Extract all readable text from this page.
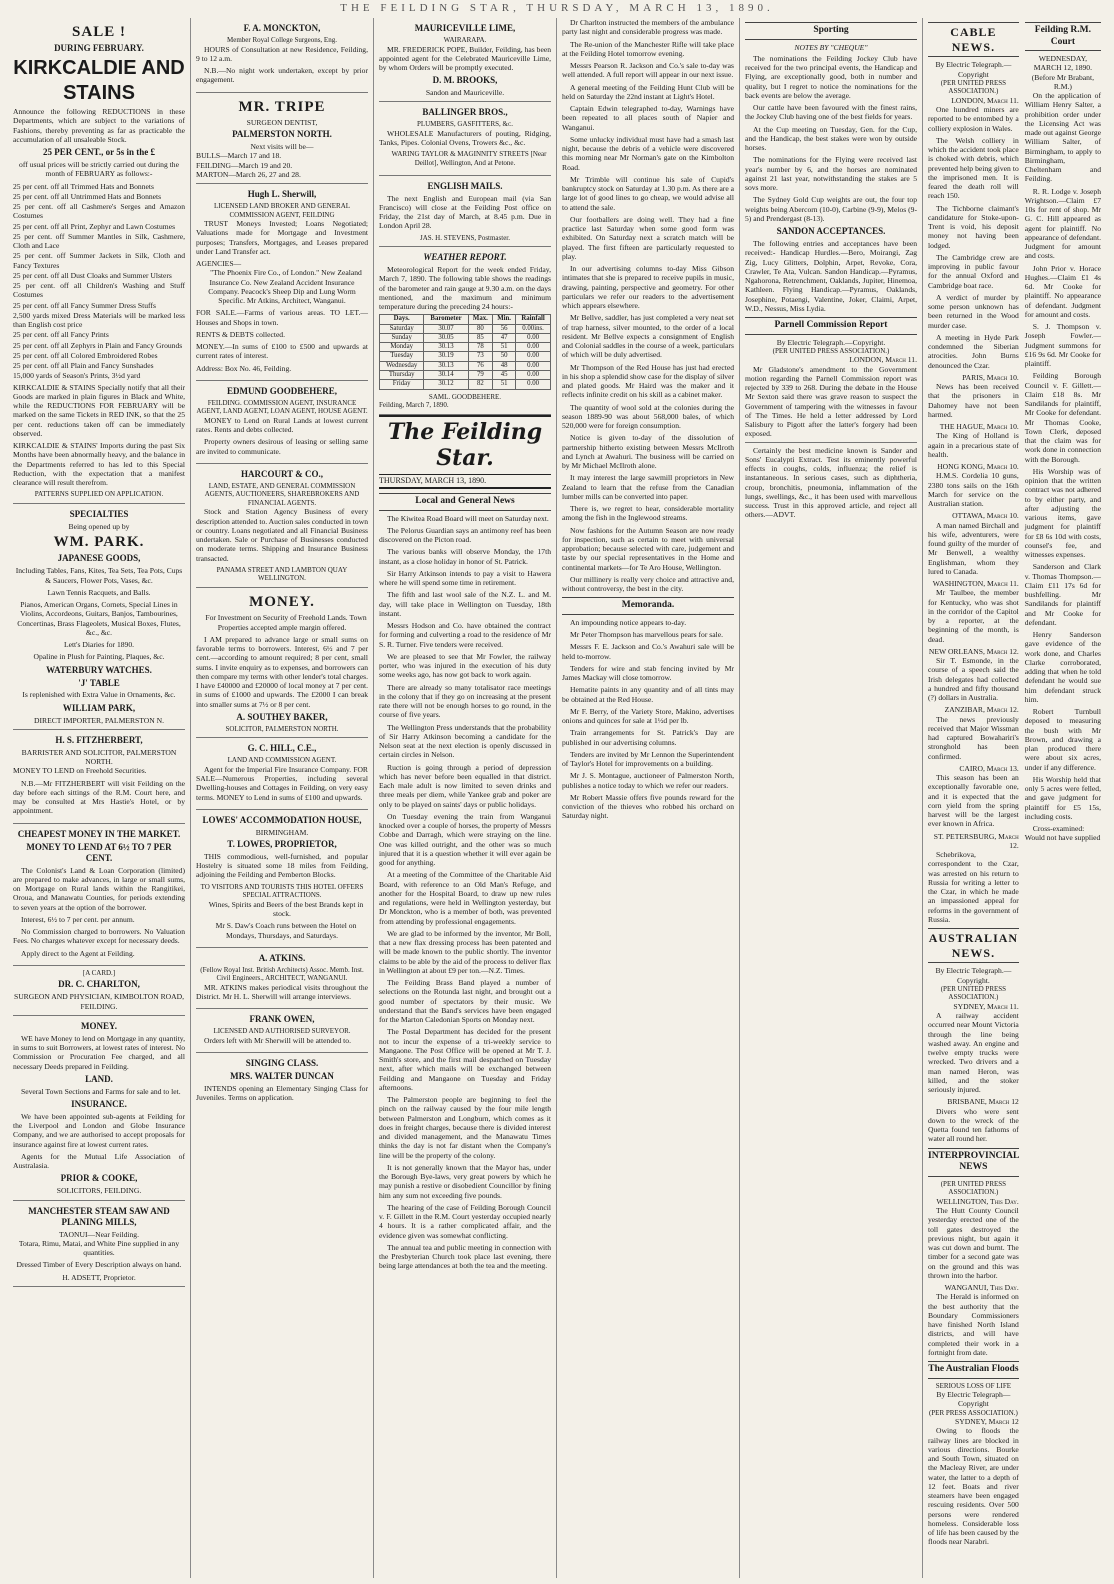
THE FEILDING STAR, THURSDAY, MARCH 13, 1890.
SALE !
DURING FEBRUARY.
KIRKCALDIE AND STAINS

Announce the following REDUCTIONS in these Departments, which are subject to the variations of Fashions, thereby preventing as far as practicable the accumulation of all unsaleable Stock.

25 PER CENT., or 5s in the £

off usual prices will be strictly carried out during the month of FEBRUARY as follows:-

25 per cent. off all Trimmed Hats and Bonnets
25 per cent. off all Untrimmed Hats and Bonnets
25 per cent. off all Cashmere's Serges and Amazon Costumes
25 per cent. off all Print, Zephyr and Lawn Costumes
25 per cent. off Summer Mantles in Silk, Cashmere, Cloth and Lace
25 per cent. off Summer Jackets in Silk, Cloth and Fancy Textures
25 per cent. off all Dust Cloaks and Summer Ulsters
25 per cent. off all Children's Washing and Stuff Costumes
25 per cent. off all Fancy Summer Dress Stuffs
2,500 yards mixed Dress Materials will be marked less than English cost price
25 per cent. off all Fancy Prints
25 per cent. off all Zephyrs in Plain and Fancy Grounds
25 per cent. off all Colored Embroidered Robes
25 per cent. off all Plain and Fancy Sunshades
15,000 yards of Season's Prints, 3½d yard

KIRKCALDIE & STAINS Specially notify that all their Goods are marked in plain figures in Black and White, while the REDUCTIONS FOR FEBRUARY will be marked on the same Tickets in RED INK, so that the 25 per cent. reductions taken off can be immediately observed.

KIRKCALDIE & STAINS' Imports during the past Six Months have been abnormally heavy, and the balance in the Departments referred to has led to this Special Reduction, with the expectation that a manifest clearance will result therefrom.

PATTERNS SUPPLIED ON APPLICATION.
SPECIALTIES
Being opened up by
WM. PARK.
JAPANESE GOODS,

Including Tables, Fans, Kites, Tea Sets, Tea Pots, Cups & Saucers, Flower Pots, Vases, &c.

Lawn Tennis Racquets, and Balls.

Pianos, American Organs, Cornets, Special Lines in Violins, Accordeons, Guitars, Banjos, Tambourines, Concertinas, Brass Flageolets, Musical Boxes, Flutes, &c., &c.

Lett's Diaries for 1890.

Opaline in Plush for Painting, Plaques, &c.

WATERBURY WATCHES.
'J' TABLE

Is replenished with Extra Value in Ornaments, &c.

WILLIAM PARK,
DIRECT IMPORTER, PALMERSTON N.
H. S. FITZHERBERT,
BARRISTER AND SOLICITOR, PALMERSTON NORTH.

MONEY TO LEND on Freehold Securities.

N.B.—Mr FITZHERBERT will visit Feilding on the day before each sittings of the R.M. Court here, and may be consulted at Mrs Hastie's Hotel, or by appointment.

CHEAPEST MONEY IN THE MARKET.
MONEY TO LEND AT 6½ TO 7 PER CENT.

The Colonist's Land & Loan Corporation (limited) are prepared to make advances, in large or small sums, on Mortgage on Rural lands within the Rangitikei, Oroua, and Manawatu Counties, for periods extending to seven years at the option of the borrower.

Interest, 6½ to 7 per cent. per annum.

No Commission charged to borrowers. No Valuation Fees. No charges whatever except for necessary deeds.

Apply direct to the Agent at Feilding.

[A CARD.]
DR. C. CHARLTON,
SURGEON AND PHYSICIAN, KIMBOLTON ROAD, FEILDING.
MONEY.

WE have Money to lend on Mortgage in any quantity, in sums to suit Borrowers, at lowest rates of interest. No Commission or Procuration Fee charged, and all necessary Deeds prepared in Feilding.

LAND.

Several Town Sections and Farms for sale and to let.

INSURANCE.

We have been appointed sub-agents at Feilding for the Liverpool and London and Globe Insurance Company, and we are authorised to accept proposals for insurance against fire at lowest current rates.

Agents for the Mutual Life Association of Australasia.

PRIOR & COOKE,
SOLICITORS, FEILDING.
MANCHESTER STEAM SAW AND PLANING MILLS,
TAONUI—Near Feilding.

Totara, Rimu, Matai, and White Pine supplied in any quantities.

Dressed Timber of Every Description always on hand.

H. ADSETT, Proprietor.
F. A. MONCKTON,
Member Royal College Surgeons, Eng.

HOURS of Consultation at new Residence, Feilding, 9 to 12 a.m.

N.B.—No night work undertaken, except by prior engagement.

MR. TRIPE
SURGEON DENTIST,
PALMERSTON NORTH.
Next visits will be—
BULLS—March 17 and 18.
FEILDING—March 19 and 20.
MARTON—March 26, 27 and 28.
Hugh L. Sherwill,
LICENSED LAND BROKER AND GENERAL COMMISSION AGENT, FEILDING

TRUST Moneys Invested; Loans Negotiated; Valuations made for Mortgage and Investment purposes; Transfers, Mortgages, and Leases prepared under Land Transfer act.

AGENCIES—

"The Phoenix Fire Co., of London." New Zealand Insurance Co. New Zealand Accident Insurance Company. Peacock's Sheep Dip and Lung Worm Specific. Mr Atkins, Architect, Wanganui.

FOR SALE.—Farms of various areas. TO LET.—Houses and Shops in town.

RENTS & DEBTS collected.

MONEY.—In sums of £100 to £500 and upwards at current rates of interest.

Address: Box No. 46, Feilding.

EDMUND GOODBEHERE,
FEILDING. COMMISSION AGENT, INSURANCE AGENT, LAND AGENT, LOAN AGENT, HOUSE AGENT.

MONEY to Lend on Rural Lands at lowest current rates. Rents and debts collected.

Property owners desirous of leasing or selling same are invited to communicate.

HARCOURT & CO.,
LAND, ESTATE, AND GENERAL COMMISSION AGENTS, AUCTIONEERS, SHAREBROKERS AND FINANCIAL AGENTS.

Stock and Station Agency Business of every description attended to. Auction sales conducted in town or country. Loans negotiated and all Financial Business undertaken. Sale or Purchase of Businesses conducted on moderate terms. Shipping and Insurance Business transacted.

PANAMA STREET AND LAMBTON QUAY WELLINGTON.
MONEY.

For Investment on Security of Freehold Lands. Town Properties accepted ample margin offered.

I AM prepared to advance large or small sums on favorable terms to borrowers. Interest, 6½ and 7 per cent.—according to amount required; 8 per cent, small sums. I invite enquiry as to expenses, and borrowers can then compare my terms with other lender's total charges. I have £40000 and £20000 of local money at 7 per cent. in sums of £1000 and upwards. The £2000 I can break into smaller sums at 7½ or 8 per cent.

A. SOUTHEY BAKER,
SOLICITOR, PALMERSTON NORTH.
G. C. HILL, C.E.,
LAND AND COMMISSION AGENT.

Agent for the Imperial Fire Insurance Company. FOR SALE—Numerous Properties, including several Dwelling-houses and Cottages in Feilding, on very easy terms. MONEY to Lend in sums of £100 and upwards.

LOWES' ACCOMMODATION HOUSE,
BIRMINGHAM.
T. LOWES, PROPRIETOR,

THIS commodious, well-furnished, and popular Hostelry is situated some 18 miles from Feilding, adjoining the Feilding and Pemberton Blocks.

TO VISITORS AND TOURISTS THIS HOTEL OFFERS SPECIAL ATTRACTIONS.

Wines, Spirits and Beers of the best Brands kept in stock.

Mr S. Daw's Coach runs between the Hotel on Mondays, Thursdays, and Saturdays.

A. ATKINS.
(Fellow Royal Inst. British Architects) Assoc. Memb. Inst. Civil Engineers., ARCHITECT, WANGANUI.

MR. ATKINS makes periodical visits throughout the District. Mr H. L. Sherwill will arrange interviews.

FRANK OWEN,
LICENSED AND AUTHORISED SURVEYOR.

Orders left with Mr Sherwill will be attended to.

SINGING CLASS.
MRS. WALTER DUNCAN

INTENDS opening an Elementary Singing Class for Juveniles. Terms on application.

MAURICEVILLE LIME,
WAIRARAPA.

MR. FREDERICK POPE, Builder, Feilding, has been appointed agent for the Celebrated Mauriceville Lime, by whom Orders will be promptly executed.

D. M. BROOKS,
Sandon and Mauriceville.
BALLINGER BROS.,
PLUMBERS, GASFITTERS, &c.

WHOLESALE Manufacturers of pouting, Ridging, Tanks, Pipes. Colonial Ovens, Trowers &c., &c.

WARING TAYLOR & MAGINNITY STREETS [Near Deillot], Wellington, And at Petone.

ENGLISH MAILS.

The next English and European mail (via San Francisco) will close at the Feilding Post office on Friday, the 21st day of March, at 8.45 p.m. Due in London April 28.

JAS. H. STEVENS, Postmaster.
WEATHER REPORT.

Meteorological Report for the week ended Friday, March 7, 1890. The following table shows the readings of the barometer and rain gauge at 9.30 a.m. on the days mentioned, and the maximum and minimum temperature during the preceding 24 hours:-

Days.	Barometer	Max.	Min.	Rainfall
Saturday	30.07	80	56	0.00ins.
Sunday	30.05	85	47	0.00
Monday	30.13	78	51	0.00
Tuesday	30.19	73	50	0.00
Wednesday	30.13	76	48	0.00
Thursday	30.14	79	45	0.00
Friday	30.12	82	51	0.00
SAML. GOODBEHERE.
Feilding, March 7, 1890.
The Feilding Star.
THURSDAY, MARCH 13, 1890.
Local and General News

The Kiwitea Road Board will meet on Saturday next.

The Pelorus Guardian says an antimony reef has been discovered on the Picton road.

The various banks will observe Monday, the 17th instant, as a close holiday in honor of St. Patrick.

Sir Harry Atkinson intends to pay a visit to Hawera where he will spend some time in retirement.

The fifth and last wool sale of the N.Z. L. and M. day, will take place in Wellington on Tuesday, 18th instant.

Messrs Hodson and Co. have obtained the contract for forming and culverting a road to the residence of Mr S. R. Turner. Five tenders were received.

We are pleased to see that Mr Fowler, the railway porter, who was injured in the execution of his duty some weeks ago, has now got back to work again.

There are already so many totalisator race meetings in the colony that if they go on increasing at the present rate there will not be enough horses to go round, in the course of five years.

The Wellington Press understands that the probability of Sir Harry Atkinson becoming a candidate for the Nelson seat at the next election is openly discussed in certain circles in Nelson.

Ruction is going through a period of depression which has never before been equalled in that district. Each male adult is now limited to seven drinks and three meals per diem, while Yankee grab and poker are only to be played on saints' days or public holidays.

On Tuesday evening the train from Wanganui knocked over a couple of horses, the property of Messrs Cobbe and Darragh, which were straying on the line. One was killed outright, and the other was so much injured that it is a question whether it will ever again be good for anything.

At a meeting of the Committee of the Charitable Aid Board, with reference to an Old Man's Refuge, and another for the Hospital Board, to draw up new rules and regulations, were held in Wellington yesterday, but Dr Monckton, who is a member of both, was prevented from attending by professional engagements.

We are glad to be informed by the inventor, Mr Boll, that a new flax dressing process has been patented and will be made known to the public shortly. The inventor claims to be able by the aid of the process to deliver flax in Wellington at about £9 per ton.—N.Z. Times.

The Feilding Brass Band played a number of selections on the Rotunda last night, and brought out a good number of spectators by their music. We understand that the Band's services have been engaged for the Marton Caledonian Sports on Monday next.

The Postal Department has decided for the present not to incur the expense of a tri-weekly service to Mangaone. The Post Office will be opened at Mr T. J. Smith's store, and the first mail despatched on Tuesday next, after which mails will be exchanged between Feilding and Mangaone on Tuesday and Friday afternoons.

The Palmerston people are beginning to feel the pinch on the railway caused by the four mile length between Palmerston and Longburn, which comes as it does in freight charges, because there is divided interest and divided management, and the Manawatu Times thinks the day is not far distant when the Company's line will be the property of the colony.

It is not generally known that the Mayor has, under the Borough Bye-laws, very great powers by which he may punish a restive or disobedient Councillor by fining him any sum not exceeding five pounds.

The hearing of the case of Feilding Borough Council v. F. Gillett in the R.M. Court yesterday occupied nearly 4 hours. It is a rather complicated affair, and the evidence given was somewhat conflicting.

The annual tea and public meeting in connection with the Presbyterian Church took place last evening, there being large attendances at both the tea and the meeting.

Dr Charlton instructed the members of the ambulance party last night and considerable progress was made.

The Re-union of the Manchester Rifle will take place at the Feilding Hotel tomorrow evening.

Messrs Pearson R. Jackson and Co.'s sale to-day was well attended. A full report will appear in our next issue.

A general meeting of the Feilding Hunt Club will be held on Saturday the 22nd instant at Light's Hotel.

Captain Edwin telegraphed to-day, Warnings have been repeated to all places south of Napier and Wanganui.

Some unlucky individual must have had a smash last night, because the debris of a vehicle were discovered this morning near Mr Norman's gate on the Kimbolton Road.

Mr Trimble will continue his sale of Cupid's bankruptcy stock on Saturday at 1.30 p.m. As there are a large lot of good lines to go cheap, we would advise all to attend the sale.

Our footballers are doing well. They had a fine practice last Saturday when some good form was exhibited. On Saturday next a scratch match will be played. The first fifteen are particularly requested to play.

In our advertising columns to-day Miss Gibson intimates that she is prepared to receive pupils in music, drawing, painting, perspective and geometry. For other particulars we refer our readers to the advertisement which appears elsewhere.

Mr Bellve, saddler, has just completed a very neat set of trap harness, silver mounted, to the order of a local resident. Mr Bellve expects a consignment of English and Colonial saddles in the course of a week, particulars of which will be duly advertised.

Mr Thompson of the Red House has just had erected in his shop a splendid show case for the display of silver and plated goods. Mr Haird was the maker and it reflects infinite credit on his skill as a cabinet maker.

The quantity of wool sold at the colonies during the season 1889-90 was about 568,000 bales, of which 520,000 were for foreign consumption.

Notice is given to-day of the dissolution of partnership hitherto existing between Messrs McIlroth and Lynch at Awahuri. The business will be carried on by Mr Michael McIlroth alone.

It may interest the large sawmill proprietors in New Zealand to learn that the refuse from the Canadian lumber mills can be converted into paper.

There is, we regret to hear, considerable mortality among the fish in the Inglewood streams.

Now fashions for the Autumn Season are now ready for inspection, such as certain to meet with universal approbation; because selected with care, judgement and taste by our special representatives in the Home and continental markets—for Te Aro House, Wellington.

Our millinery is really very choice and attractive and, without controversy, the best in the city.

Memoranda.

An impounding notice appears to-day.

Mr Peter Thompson has marvellous pears for sale.

Messrs F. E. Jackson and Co.'s Awahuri sale will be held to-morrow.

Tenders for wire and stab fencing invited by Mr James Mackay will close tomorrow.

Hematite paints in any quantity and of all tints may be obtained at the Red House.

Mr F. Berry, of the Variety Store, Makino, advertises onions and quinces for sale at 1½d per lb.

Train arrangements for St. Patrick's Day are published in our advertising columns.

Tenders are invited by Mr Lennon the Superintendent of Taylor's Hotel for improvements on a building.

Mr J. S. Montague, auctioneer of Palmerston North, publishes a notice today to which we refer our readers.

Mr Robert Massie offers five pounds reward for the conviction of the thieves who robbed his orchard on Saturday night.

Sporting
NOTES BY "CHEQUE"

The nominations the Feilding Jockey Club have received for the two principal events, the Handicap and Flying, are exceptionally good, both in number and quality, but I regret to notice the nominations for the back events are below the average.

Our cattle have been favoured with the finest rains, the Jockey Club having one of the best fields for years.

At the Cup meeting on Tuesday, Gen. for the Cup, and the Handicap, the best stakes were won by outside horses.

The nominations for the Flying were received last year's number by 6, and the horses are nominated against 21 last year, notwithstanding the stakes are 5 sovs more.

The Sydney Gold Cup weights are out, the four top weights being Abercorn (10-0), Carbine (9-9), Melos (9-5) and Prendergast (8-13).

SANDON ACCEPTANCES.

The following entries and acceptances have been received:- Handicap Hurdles.—Bero, Moirangi, Zag Zig, Lucy Glitters, Dolphin, Arpet, Revoke, Cora, Crawler, Te Ata, Vulcan. Sandon Handicap.—Pyramus, Ngahorona, Retrenchment, Oaklands, Jupiter, Hinemoa, Kathleen. Flying Handicap.—Pyramus, Oaklands, Josephine, Potaengi, Valentine, Joker, Claimi, Arpet, W.D., Nessus, Miss Lydia.

Parnell Commission Report
By Electric Telegraph.—Copyright.
(PER UNITED PRESS ASSOCIATION.)
LONDON, March 11.

Mr Gladstone's amendment to the Government motion regarding the Parnell Commission report was rejected by 339 to 268. During the debate in the House Mr Sexton said there was grave reason to suspect the Government of tampering with the witnesses in favour of The Times. He held a letter addressed by Lord Salisbury to Pigott after the latter's forgery had been exposed.

Certainly the best medicine known is Sander and Sons' Eucalypti Extract. Test its eminently powerful effects in coughs, colds, influenza; the relief is instantaneous. In serious cases, such as diphtheria, croup, bronchitis, pneumonia, inflammation of the lungs, swellings, &c., it has been used with marvellous success. Trust in this approved article, and reject all others.—ADVT.

CABLE NEWS.
By Electric Telegraph.—Copyright
(PER UNITED PRESS ASSOCIATION.)
LONDON, March 11.

One hundred miners are reported to be entombed by a colliery explosion in Wales.

The Welsh colliery in which the accident took place is choked with debris, which prevented help being given to the imprisoned men. It is feared the death roll will reach 150.

The Tichborne claimant's candidature for Stoke-upon-Trent is void, his deposit money not having been lodged.

The Cambridge crew are improving in public favour for the annual Oxford and Cambridge boat race.

A verdict of murder by some person unknown has been returned in the Wood murder case.

A meeting in Hyde Park condemned the Siberian atrocities. John Burns denounced the Czar.

PARIS, March 10.

News has been received that the prisoners in Dahomey have not been harmed.

THE HAGUE, March 10.

The King of Holland is again in a precarious state of health.

HONG KONG, March 10.

H.M.S. Cordelia 10 guns, 2380 tons sails on the 16th March for service on the Australian station.

OTTAWA, March 10.

A man named Birchall and his wife, adventurers, were found guilty of the murder of Mr Benwell, a wealthy Englishman, whom they lured to Canada.

WASHINGTON, March 11.

Mr Taulbee, the member for Kentucky, who was shot in the corridor of the Capitol by a reporter, at the beginning of the month, is dead.

NEW ORLEANS, March 12.

Sir T. Esmonde, in the course of a speech said the Irish delegates had collected a hundred and fifty thousand (?) dollars in Australia.

ZANZIBAR, March 12.

The news previously received that Major Wissman had captured Bowahariri's stronghold has been confirmed.

CAIRO, March 13.

This season has been an exceptionally favorable one, and it is expected that the corn yield from the spring harvest will be the largest ever known in Africa.

ST. PETERSBURG, March 12.

Schebrikova, correspondent to the Czar, was arrested on his return to Russia for writing a letter to the Czar, in which he made an impassioned appeal for reforms in the government of Russia.

AUSTRALIAN NEWS.
By Electric Telegraph.—Copyright.
(PER UNITED PRESS ASSOCIATION.)
SYDNEY, March 11.

A railway accident occurred near Mount Victoria through the line being washed away. An engine and twelve empty trucks were wrecked. Two drivers and a man named Heron, was killed, and the stoker seriously injured.

BRISBANE, March 12

Divers who were sent down to the wreck of the Quetta found ten fathoms of water all round her.

INTERPROVINCIAL NEWS
(PER UNITED PRESS ASSOCIATION.)
WELLINGTON, This Day.

The Hutt County Council yesterday erected one of the toll gates destroyed the previous night, but again it was cut down and burnt. The timber for a second gate was on the ground and this was thrown into the harbor.

WANGANUI, This Day.

The Herald is informed on the best authority that the Boundary Commissioners have finished North Island districts, and will have completed their work in a fortnight from date.

The Australian Floods
SERIOUS LOSS OF LIFE
By Electric Telegraph—Copyright
(PER PRESS ASSOCIATION.)
SYDNEY, March 12

Owing to floods the railway lines are blocked in various directions. Bourke and South Town, situated on the Macleay River, are under water, the latter to a depth of 12 feet. Boats and river steamers have been engaged rescuing residents. Over 500 persons were rendered homeless. Considerable loss of life has been caused by the floods near Narabri.

Feilding R.M. Court
WEDNESDAY, MARCH 12, 1890.
(Before Mr Brabant, R.M.)

On the application of William Henry Salter, a prohibition order under the Licensing Act was made out against George William Salter, of Birmingham, to apply to Birmingham, Cheltenham and Feilding.

R. R. Lodge v. Joseph Wrightson.—Claim £7 10s for rent of shop. Mr G. C. Hill appeared as agent for plaintiff. No appearance of defendant. Judgment for amount and costs.

John Prior v. Horace Hughes.—Claim £1 4s 6d. Mr Cooke for plaintiff. No appearance of defendant. Judgment for amount and costs.

S. J. Thompson v. Joseph Fowler.—Judgment summons for £16 9s 6d. Mr Cooke for plaintiff.

Feilding Borough Council v. F. Gillett.—Claim £18 8s. Mr Sandilands for plaintiff, Mr Cooke for defendant. Mr Thomas Cooke, Town Clerk, deposed that the claim was for work done in connection with the Borough.

His Worship was of opinion that the written contract was not adhered to by either party, and after adjusting the various items, gave judgment for plaintiff for £8 6s 10d with costs, counsel's fee, and witnesses expenses.

Sanderson and Clark v. Thomas Thompson.—Claim £11 17s 6d for bushfelling. Mr Sandilands for plaintiff and Mr Cooke for defendant.

Henry Sanderson gave evidence of the work done, and Charles Clarke corroborated, adding that when he told defendant he would sue him defendant struck him.

Robert Turnbull deposed to measuring the bush with Mr Brown, and drawing a plan produced there were about six acres, under if any difference.

His Worship held that only 5 acres were felled, and gave judgment for plaintiff for £5 15s, including costs.

Cross-examined: Would not have supplied
